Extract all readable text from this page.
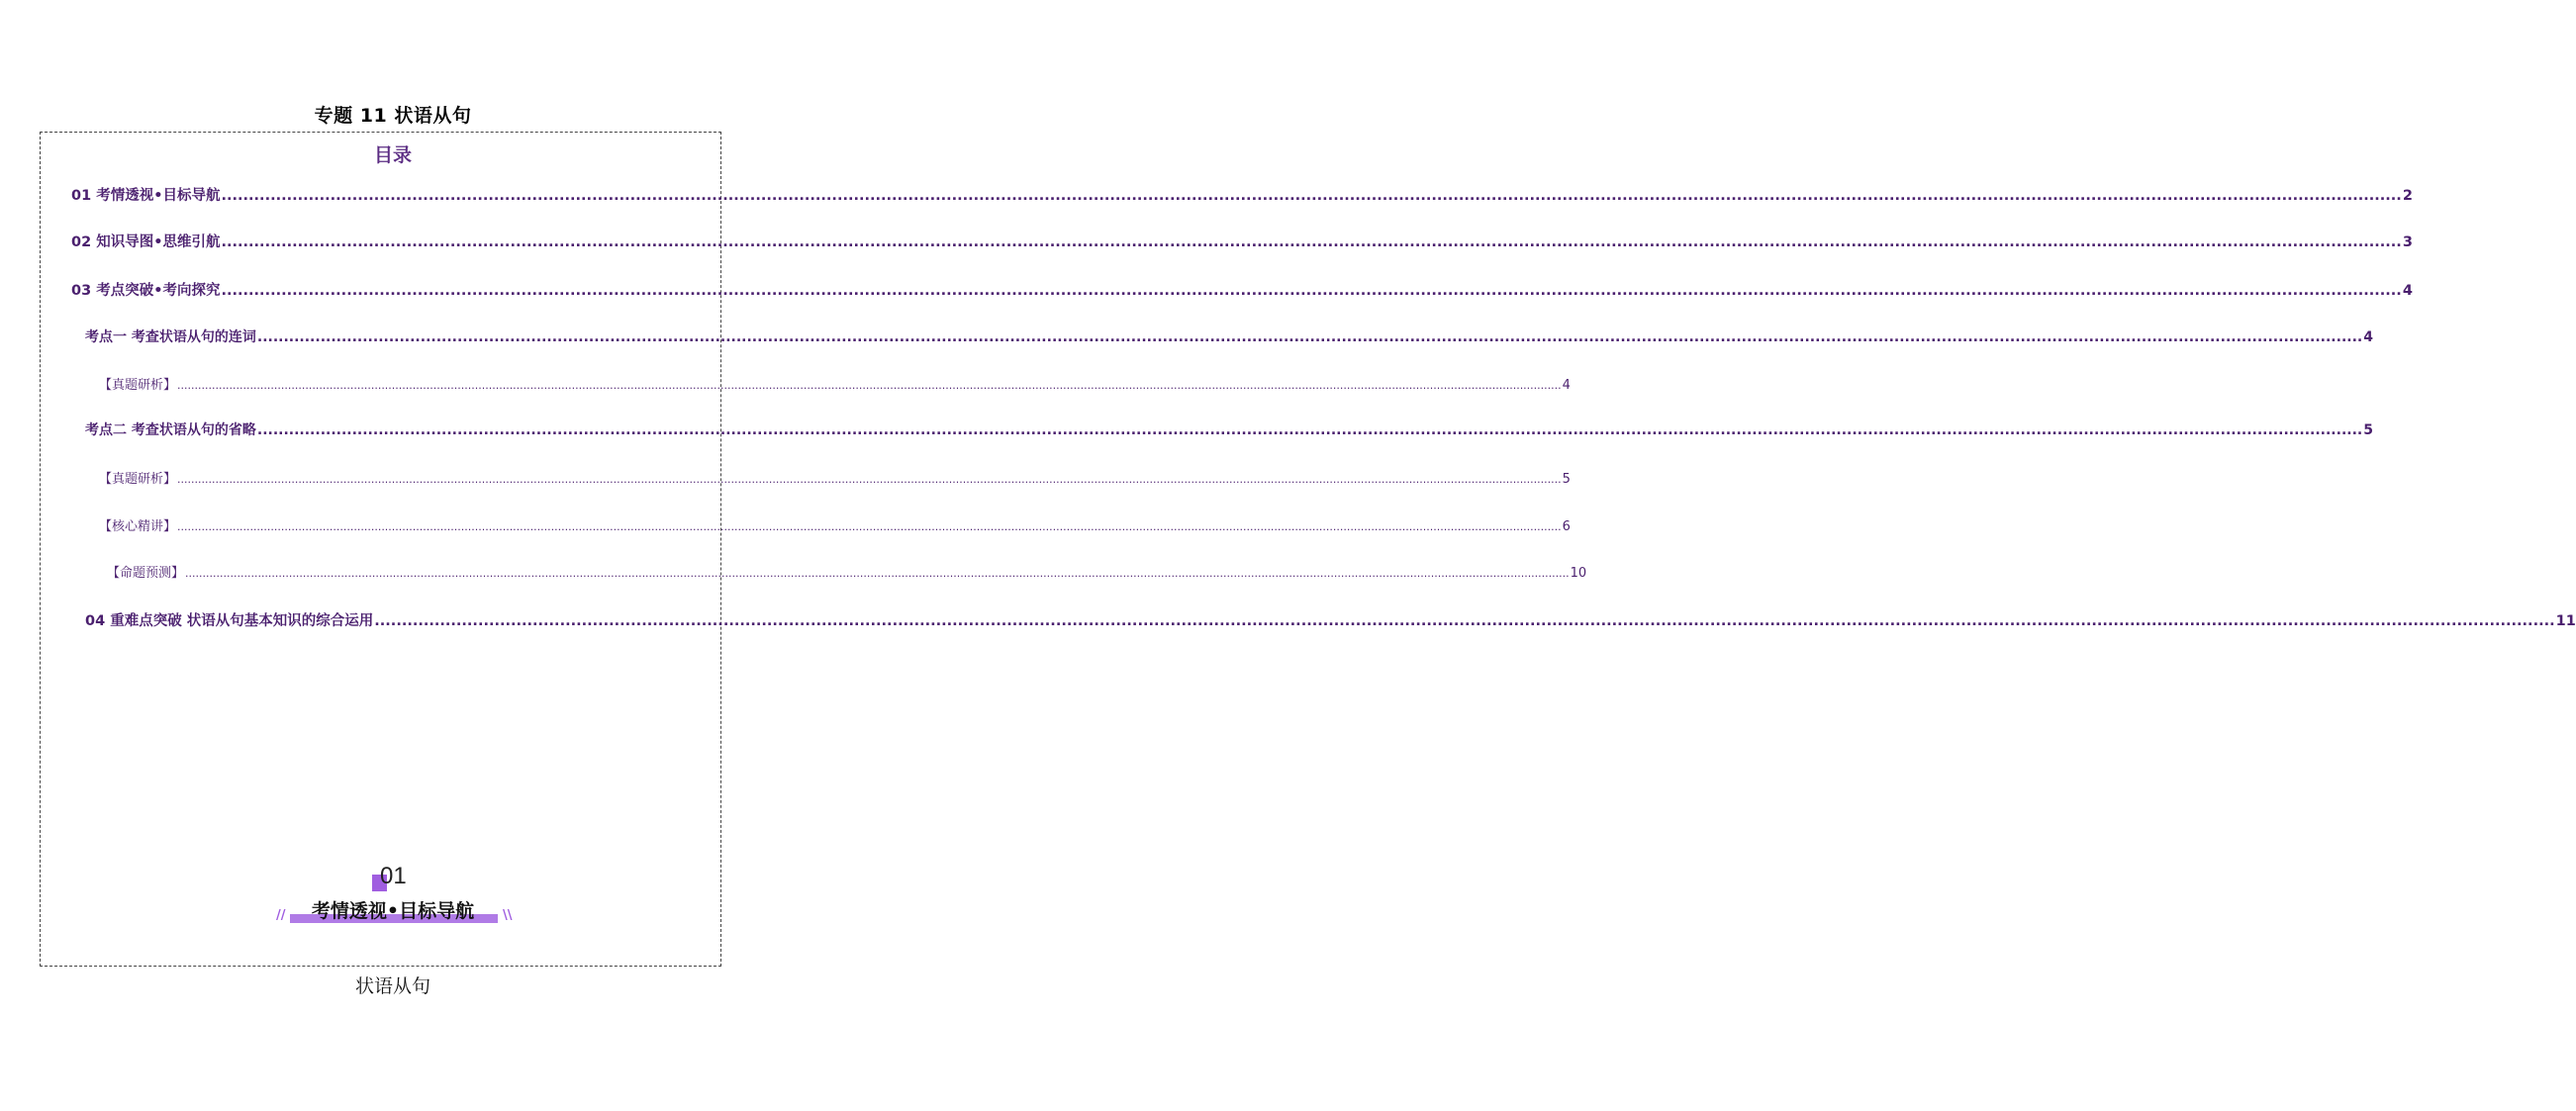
专题 11 状语从句
目录
01 考情透视•目标导航 ................................................................................................................................................................................................................................................................................................................................................................................................................ 2
02 知识导图•思维引航 ................................................................................................................................................................................................................................................................................................................................................................................................................ 3
03 考点突破•考向探究 ................................................................................................................................................................................................................................................................................................................................................................................................................ 4
考点一 考查状语从句的连词 ................................................................................................................................................................................................................................................................................................................................................................................................................ 4
【真题研析】 ................................................................................................................................................................................................................................................................................................................................................................................................................ 4
考点二 考查状语从句的省略 ................................................................................................................................................................................................................................................................................................................................................................................................................ 5
【真题研析】 ................................................................................................................................................................................................................................................................................................................................................................................................................ 5
【核心精讲】 ................................................................................................................................................................................................................................................................................................................................................................................................................ 6
【命题预测】 ................................................................................................................................................................................................................................................................................................................................................................................................................ 10
04 重难点突破 状语从句基本知识的综合运用 ................................................................................................................................................................................................................................................................................................................................................................................................................ 11
01
//	\\
考情透视•目标导航
状语从句
